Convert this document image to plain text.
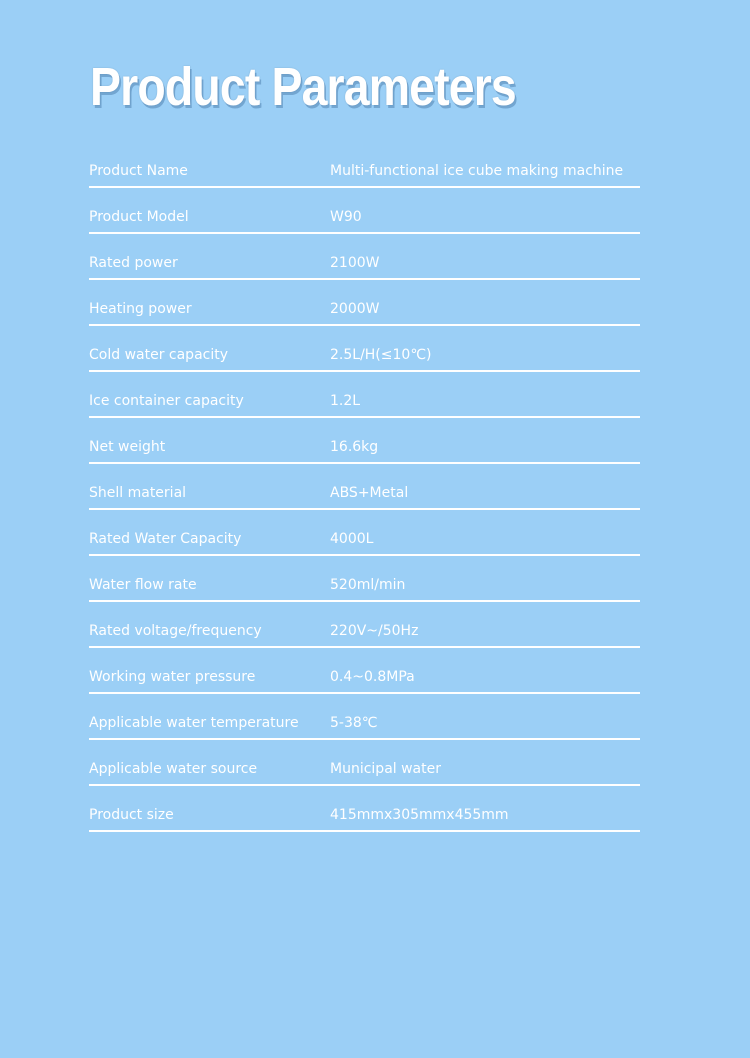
Product Parameters
Product Name	Multi-functional ice cube making machine
Product Model	W90
Rated power	2100W
Heating power	2000W
Cold water capacity	2.5L/H(≤10℃)
Ice container capacity	1.2L
Net weight	16.6kg
Shell material	ABS+Metal
Rated Water Capacity	4000L
Water flow rate	520ml/min
Rated voltage/frequency	220V~/50Hz
Working water pressure	0.4~0.8MPa
Applicable water temperature 5-38℃
Applicable water source	Municipal water
Product size	415mmx305mmx455mm
